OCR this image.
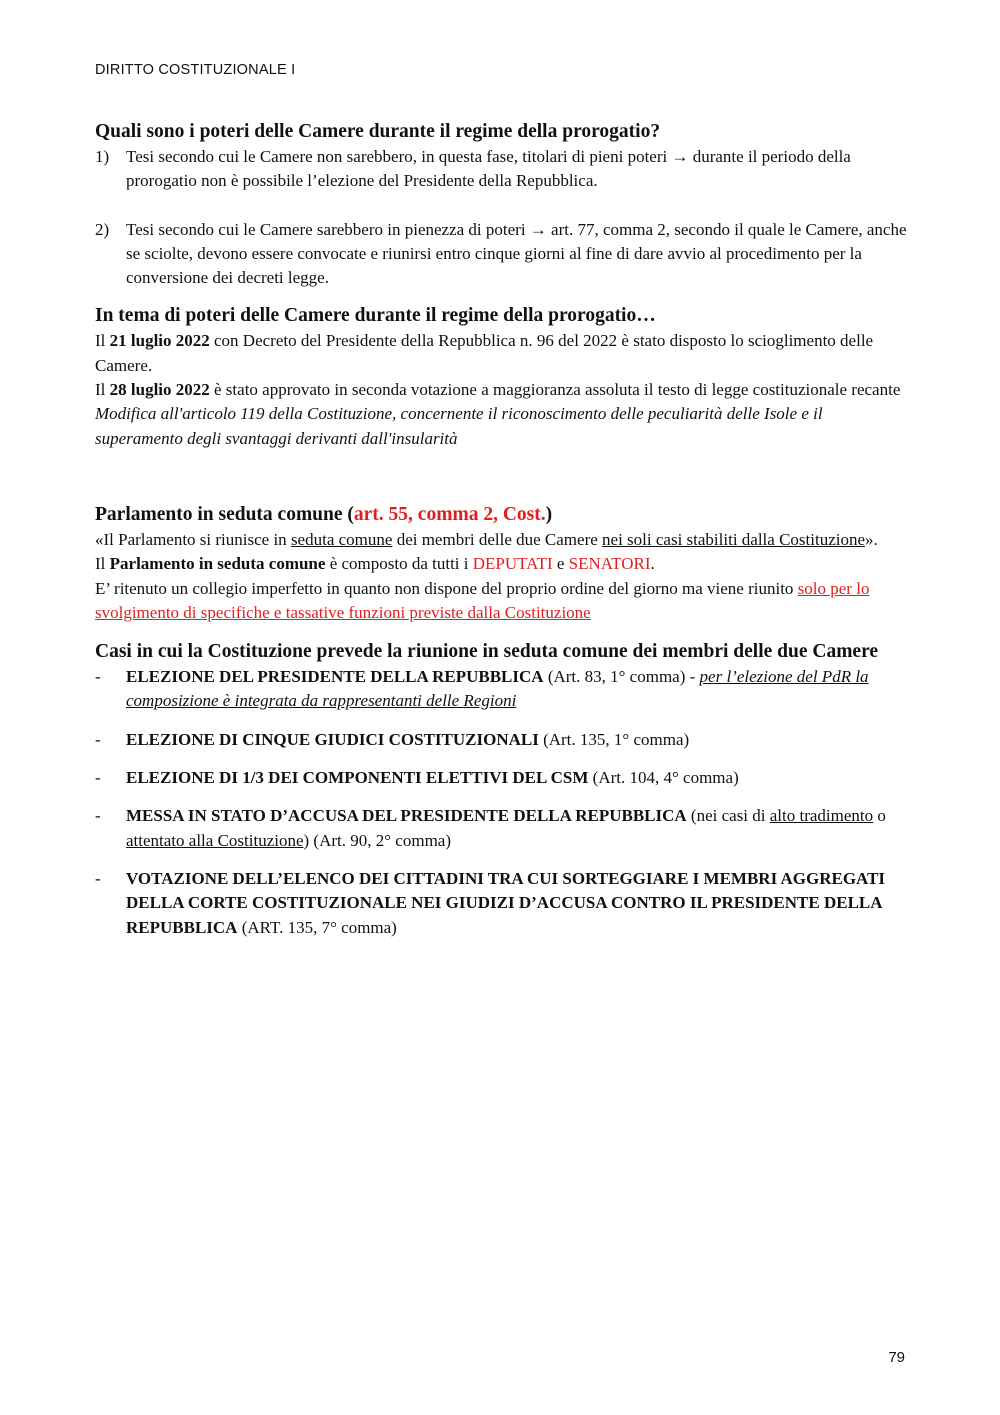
DIRITTO COSTITUZIONALE I
Quali sono i poteri delle Camere durante il regime della prorogatio?
1) Tesi secondo cui le Camere non sarebbero, in questa fase, titolari di pieni poteri → durante il periodo della prorogatio non è possibile l’elezione del Presidente della Repubblica.
2) Tesi secondo cui le Camere sarebbero in pienezza di poteri → art. 77, comma 2, secondo il quale le Camere, anche se sciolte, devono essere convocate e riunirsi entro cinque giorni al fine di dare avvio al procedimento per la conversione dei decreti legge.
In tema di poteri delle Camere durante il regime della prorogatio…

Il 21 luglio 2022 con Decreto del Presidente della Repubblica n. 96 del 2022 è stato disposto lo scioglimento delle Camere.

Il 28 luglio 2022 è stato approvato in seconda votazione a maggioranza assoluta il testo di legge costituzionale recante Modifica all'articolo 119 della Costituzione, concernente il riconoscimento delle peculiarità delle Isole e il superamento degli svantaggi derivanti dall'insularità

Parlamento in seduta comune (art. 55, comma 2, Cost.)

«Il Parlamento si riunisce in seduta comune dei membri delle due Camere nei soli casi stabiliti dalla Costituzione».

Il Parlamento in seduta comune è composto da tutti i DEPUTATI e SENATORI.

E’ ritenuto un collegio imperfetto in quanto non dispone del proprio ordine del giorno ma viene riunito solo per lo svolgimento di specifiche e tassative funzioni previste dalla Costituzione

Casi in cui la Costituzione prevede la riunione in seduta comune dei membri delle due Camere
-	ELEZIONE DEL PRESIDENTE DELLA REPUBBLICA (Art. 83, 1° comma) - per l’elezione del PdR la composizione è integrata da rappresentanti delle Regioni
-	ELEZIONE DI CINQUE GIUDICI COSTITUZIONALI (Art. 135, 1° comma)
-	ELEZIONE DI 1/3 DEI COMPONENTI ELETTIVI DEL CSM (Art. 104, 4° comma)
-	MESSA IN STATO D’ACCUSA DEL PRESIDENTE DELLA REPUBBLICA (nei casi di alto tradimento o attentato alla Costituzione) (Art. 90, 2° comma)
-	VOTAZIONE DELL’ELENCO DEI CITTADINI TRA CUI SORTEGGIARE I MEMBRI AGGREGATI DELLA CORTE COSTITUZIONALE NEI GIUDIZI D’ACCUSA CONTRO IL PRESIDENTE DELLA REPUBBLICA (ART. 135, 7° comma)
79
